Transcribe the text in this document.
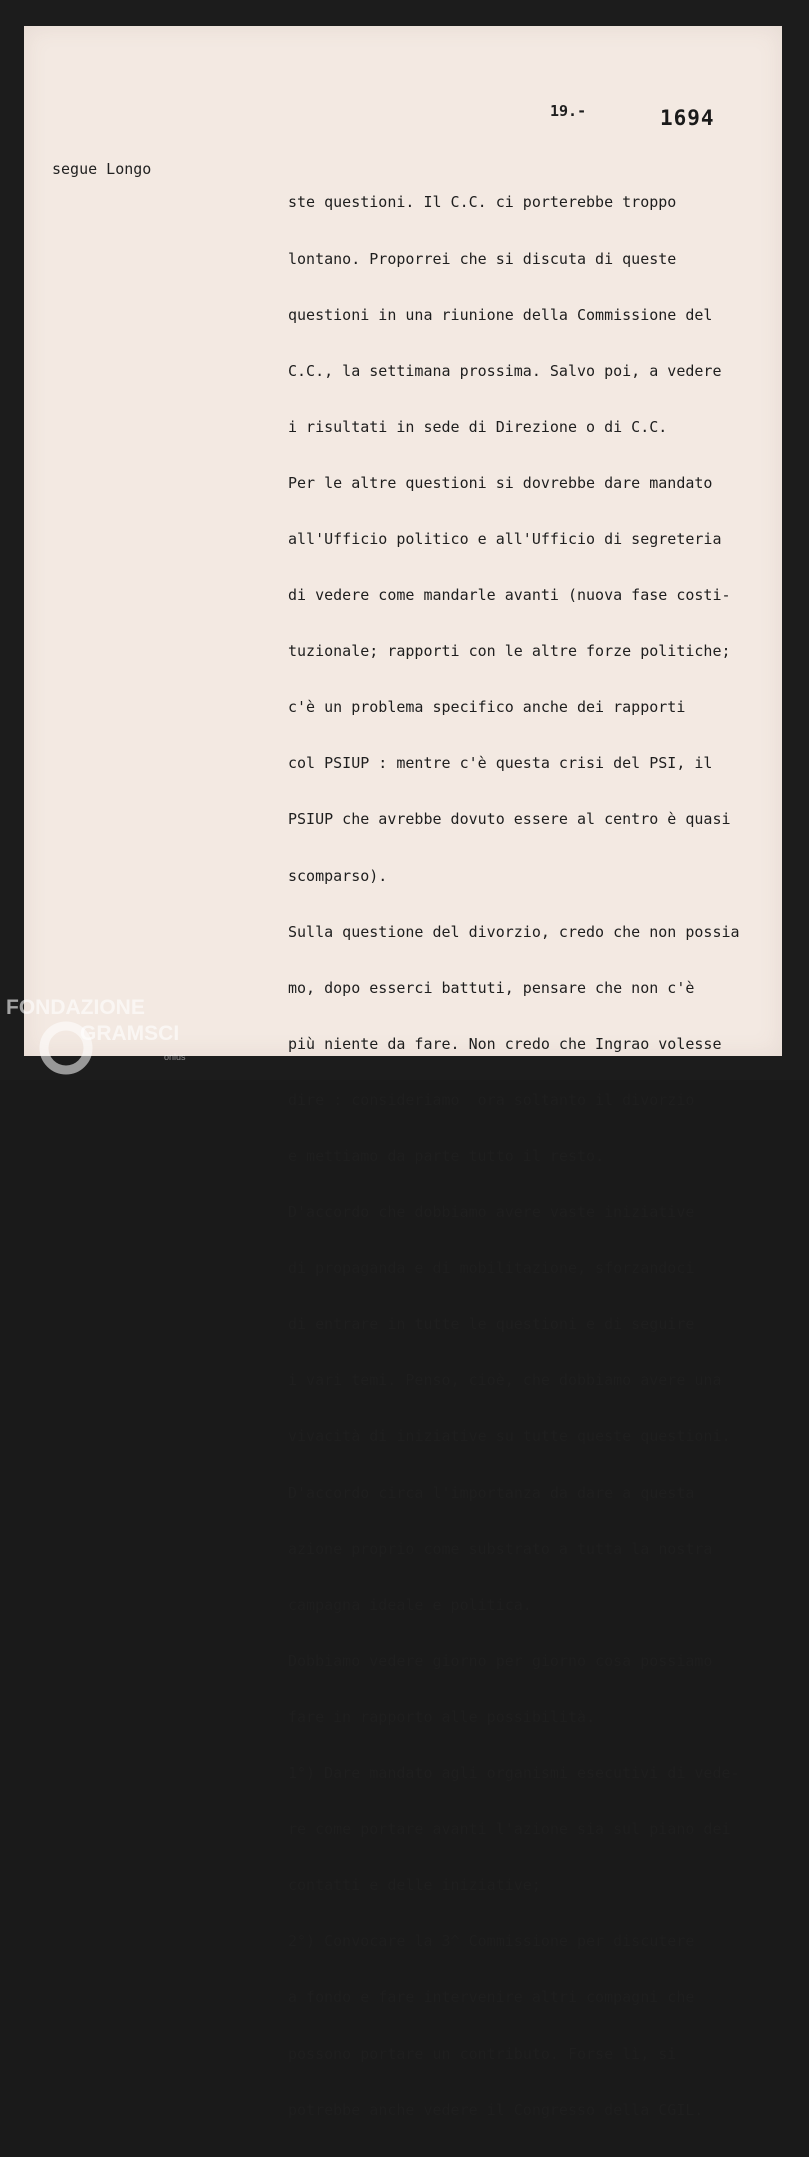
19.-	1694
segue Longo

ste questioni. Il C.C. ci porterebbe troppo

lontano. Proporrei che si discuta di queste

questioni in una riunione della Commissione del

C.C., la settimana prossima. Salvo poi, a vedere

i risultati in sede di Direzione o di C.C.

Per le altre questioni si dovrebbe dare mandato

all'Ufficio politico e all'Ufficio di segreteria

di vedere come mandarle avanti (nuova fase costi-

tuzionale; rapporti con le altre forze politiche;

c'è un problema specifico anche dei rapporti

col PSIUP : mentre c'è questa crisi del PSI, il

PSIUP che avrebbe dovuto essere al centro è quasi

scomparso).

Sulla questione del divorzio, credo che non possia

mo, dopo esserci battuti, pensare che non c'è

più niente da fare. Non credo che Ingrao volesse

dire : consideriamo  ora soltanto il divorzio

e mettiamo da parte tutto il resto.

D'accordo che dobbiamo avere vaste iniziative

di propaganda e di mobilitazione, sforzandoci

di entrare in tutte le questioni e di seguire

i vari temi. Penso, cioè, che dobbiamo avere una

vivacità di iniziative su tutte queste questioni.

D'accordo circa l'importanza da dare a questa

azione proprio come substrato a tutta la nostra

campagna ideale e politica.

Dobbiamo vedere giorno per giorno cosa possiamo

fare in rapporto alle possibilità.

1°) Dare mandato agli organismi esecutivi di vede-

re come portare avanti l'azione sia sul piano dei

contatti e delle iniziative;

2°) Convocare la 3^ Commissione per discutere

a fondo e fare intervenire altri compagni che

possono portare un contributo. Forse lì, si

potrebbe anche vedere il Congresso della CGIL.

FONDAZIONE
GRAMSCI
onlus
